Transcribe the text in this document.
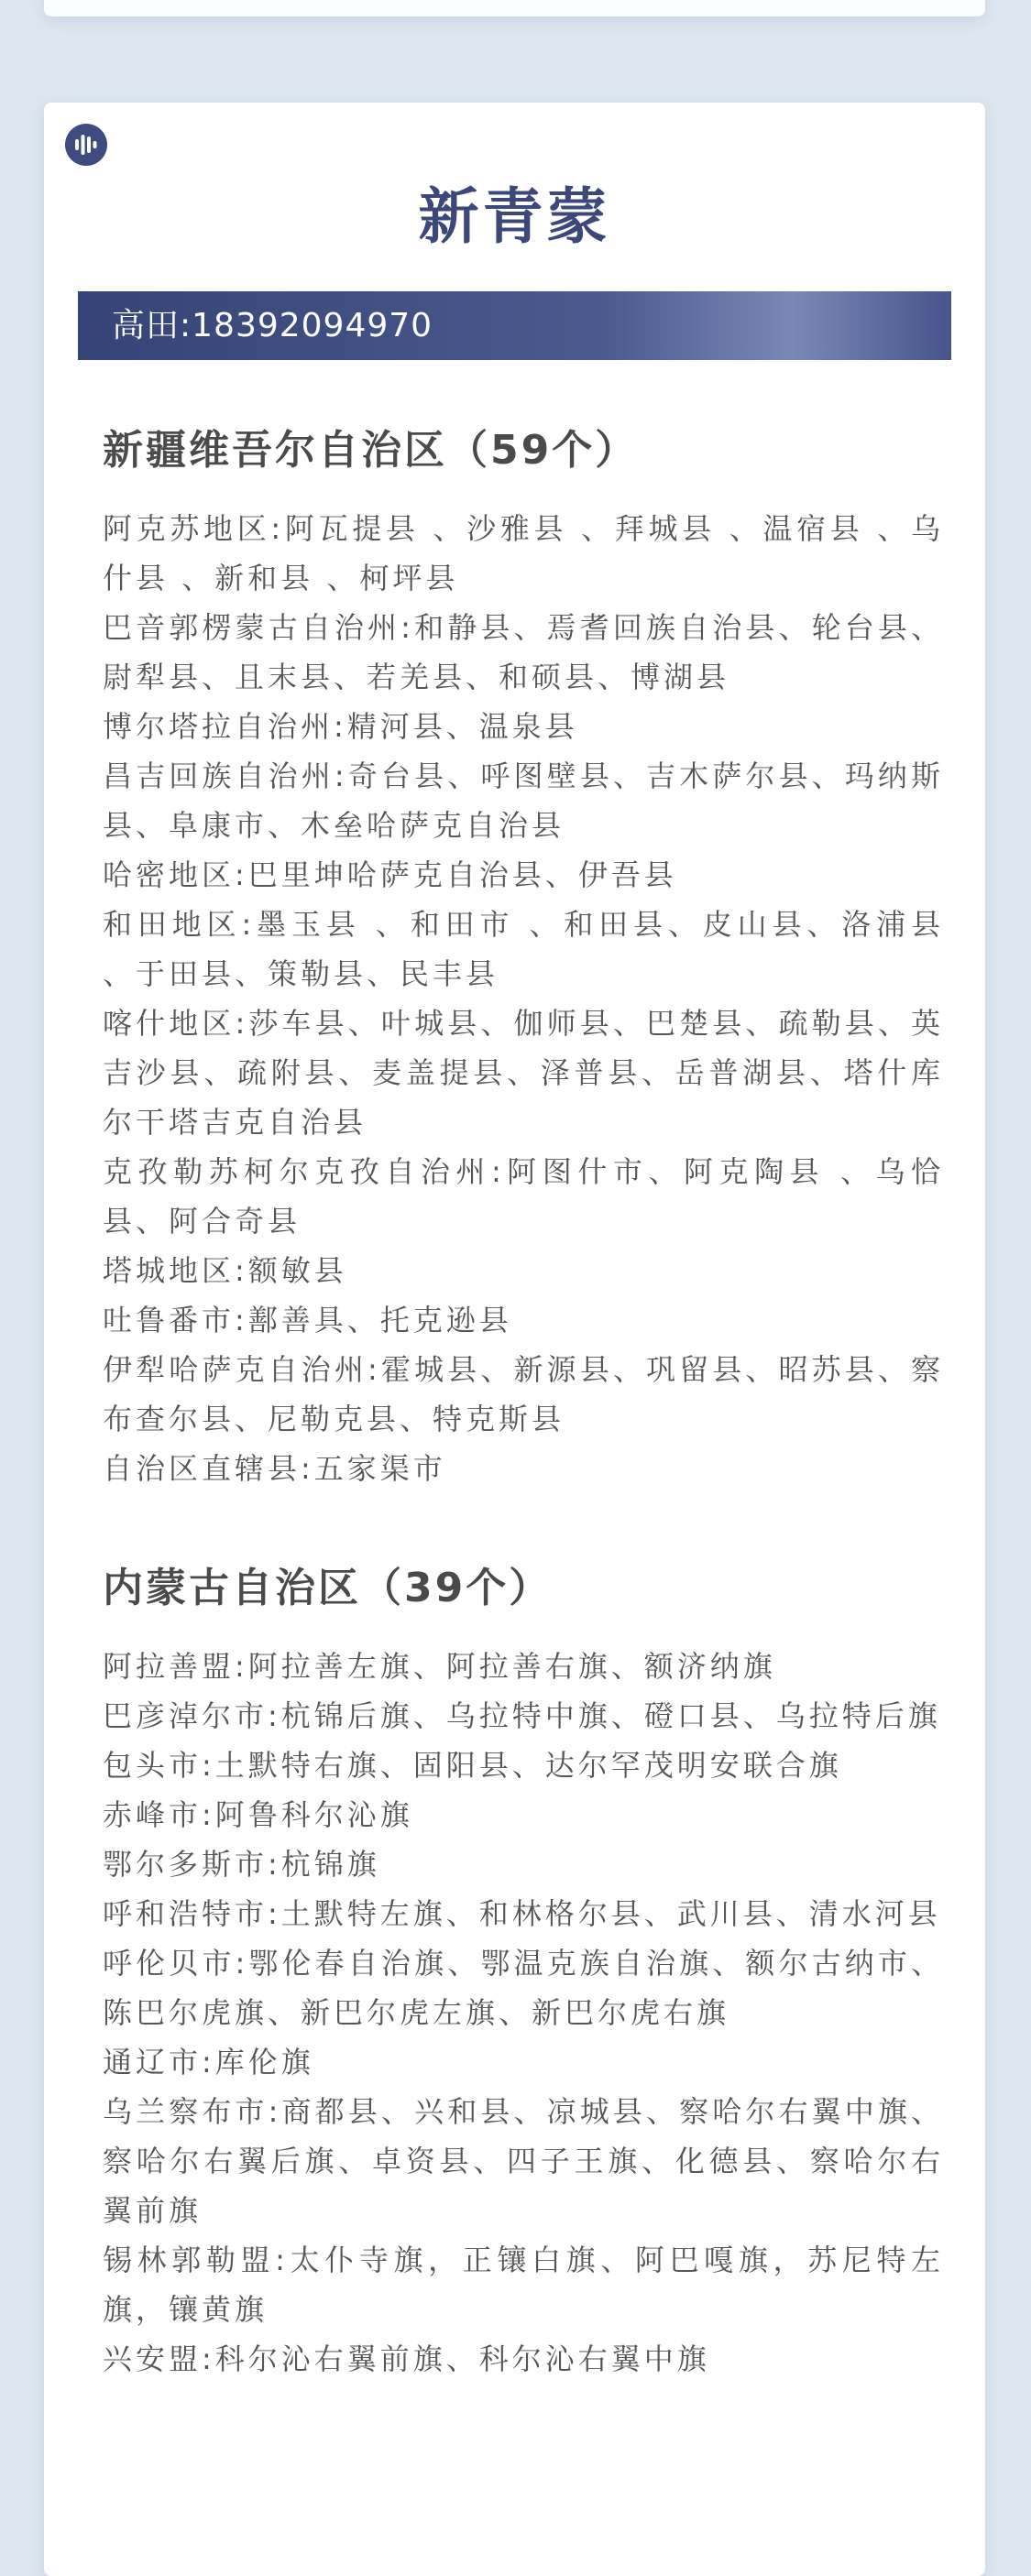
新青蒙
高田:18392094970
新疆维吾尔自治区（59个）
阿克苏地区:阿瓦提县 、沙雅县 、拜城县 、温宿县 、乌什县 、新和县 、柯坪县
巴音郭楞蒙古自治州:和静县、焉耆回族自治县、轮台县、尉犁县、且末县、若羌县、和硕县、博湖县
博尔塔拉自治州:精河县、温泉县
昌吉回族自治州:奇台县、呼图壁县、吉木萨尔县、玛纳斯县、阜康市、木垒哈萨克自治县
哈密地区:巴里坤哈萨克自治县、伊吾县
和田地区:墨玉县 、和田市 、和田县、皮山县、洛浦县 、于田县、策勒县、民丰县
喀什地区:莎车县、叶城县、伽师县、巴楚县、疏勒县、英吉沙县、疏附县、麦盖提县、泽普县、岳普湖县、塔什库尔干塔吉克自治县
克孜勒苏柯尔克孜自治州:阿图什市、阿克陶县 、乌恰县、阿合奇县
塔城地区:额敏县
吐鲁番市:鄯善具、托克逊县
伊犁哈萨克自治州:霍城县、新源县、巩留县、昭苏县、察布查尔县、尼勒克县、特克斯县
自治区直辖县:五家渠市
内蒙古自治区（39个）
阿拉善盟:阿拉善左旗、阿拉善右旗、额济纳旗
巴彦淖尔市:杭锦后旗、乌拉特中旗、磴口县、乌拉特后旗
包头市:土默特右旗、固阳县、达尔罕茂明安联合旗
赤峰市:阿鲁科尔沁旗
鄂尔多斯市:杭锦旗
呼和浩特市:土默特左旗、和林格尔县、武川县、清水河县
呼伦贝市:鄂伦春自治旗、鄂温克族自治旗、额尔古纳市、陈巴尔虎旗、新巴尔虎左旗、新巴尔虎右旗
通辽市:库伦旗
乌兰察布市:商都县、兴和县、凉城县、察哈尔右翼中旗、察哈尔右翼后旗、卓资县、四子王旗、化德县、察哈尔右翼前旗
锡林郭勒盟:太仆寺旗，正镶白旗、阿巴嘎旗，苏尼特左旗，镶黄旗
兴安盟:科尔沁右翼前旗、科尔沁右翼中旗
